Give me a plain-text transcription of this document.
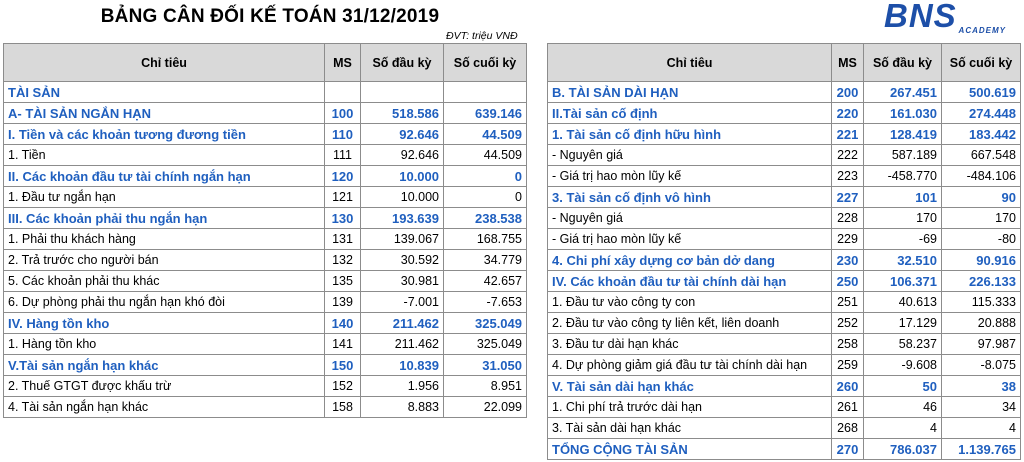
BẢNG CÂN ĐỐI KẾ TOÁN 31/12/2019
ĐVT: triệu VNĐ
BNS ACADEMY
Chỉ tiêu	MS	Số đầu kỳ	Số cuối kỳ
TÀI SẢN			
A- TÀI SẢN NGẮN HẠN	100	518.586	639.146
I. Tiền và các khoản tương đương tiền	110	92.646	44.509
1. Tiền	111	92.646	44.509
II. Các khoản đầu tư tài chính ngắn hạn	120	10.000	0
1. Đầu tư ngắn hạn	121	10.000	0
III. Các khoản phải thu ngắn hạn	130	193.639	238.538
1. Phải thu khách hàng	131	139.067	168.755
2. Trả trước cho người bán	132	30.592	34.779
5. Các khoản phải thu khác	135	30.981	42.657
6. Dự phòng phải thu ngắn hạn khó đòi	139	-7.001	-7.653
IV. Hàng tồn kho	140	211.462	325.049
1. Hàng tồn kho	141	211.462	325.049
V.Tài sản ngắn hạn khác	150	10.839	31.050
2. Thuế GTGT được khấu trừ	152	1.956	8.951
4. Tài sản ngắn hạn khác	158	8.883	22.099
Chỉ tiêu	MS	Số đầu kỳ	Số cuối kỳ
B. TÀI SẢN DÀI HẠN	200	267.451	500.619
II.Tài sản cố định	220	161.030	274.448
1. Tài sản cố định hữu hình	221	128.419	183.442
- Nguyên giá	222	587.189	667.548
- Giá trị hao mòn lũy kế	223	-458.770	-484.106
3. Tài sản cố định vô hình	227	101	90
- Nguyên giá	228	170	170
- Giá trị hao mòn lũy kế	229	-69	-80
4. Chi phí xây dựng cơ bản dở dang	230	32.510	90.916
IV. Các khoản đầu tư tài chính dài hạn	250	106.371	226.133
1. Đầu tư vào công ty con	251	40.613	115.333
2. Đầu tư vào công ty liên kết, liên doanh	252	17.129	20.888
3. Đầu tư dài hạn khác	258	58.237	97.987
4. Dự phòng giảm giá đầu tư tài chính dài hạn	259	-9.608	-8.075
V. Tài sản dài hạn khác	260	50	38
1. Chi phí trả trước dài hạn	261	46	34
3. Tài sản dài hạn khác	268	4	4
TỔNG CỘNG TÀI SẢN	270	786.037	1.139.765
